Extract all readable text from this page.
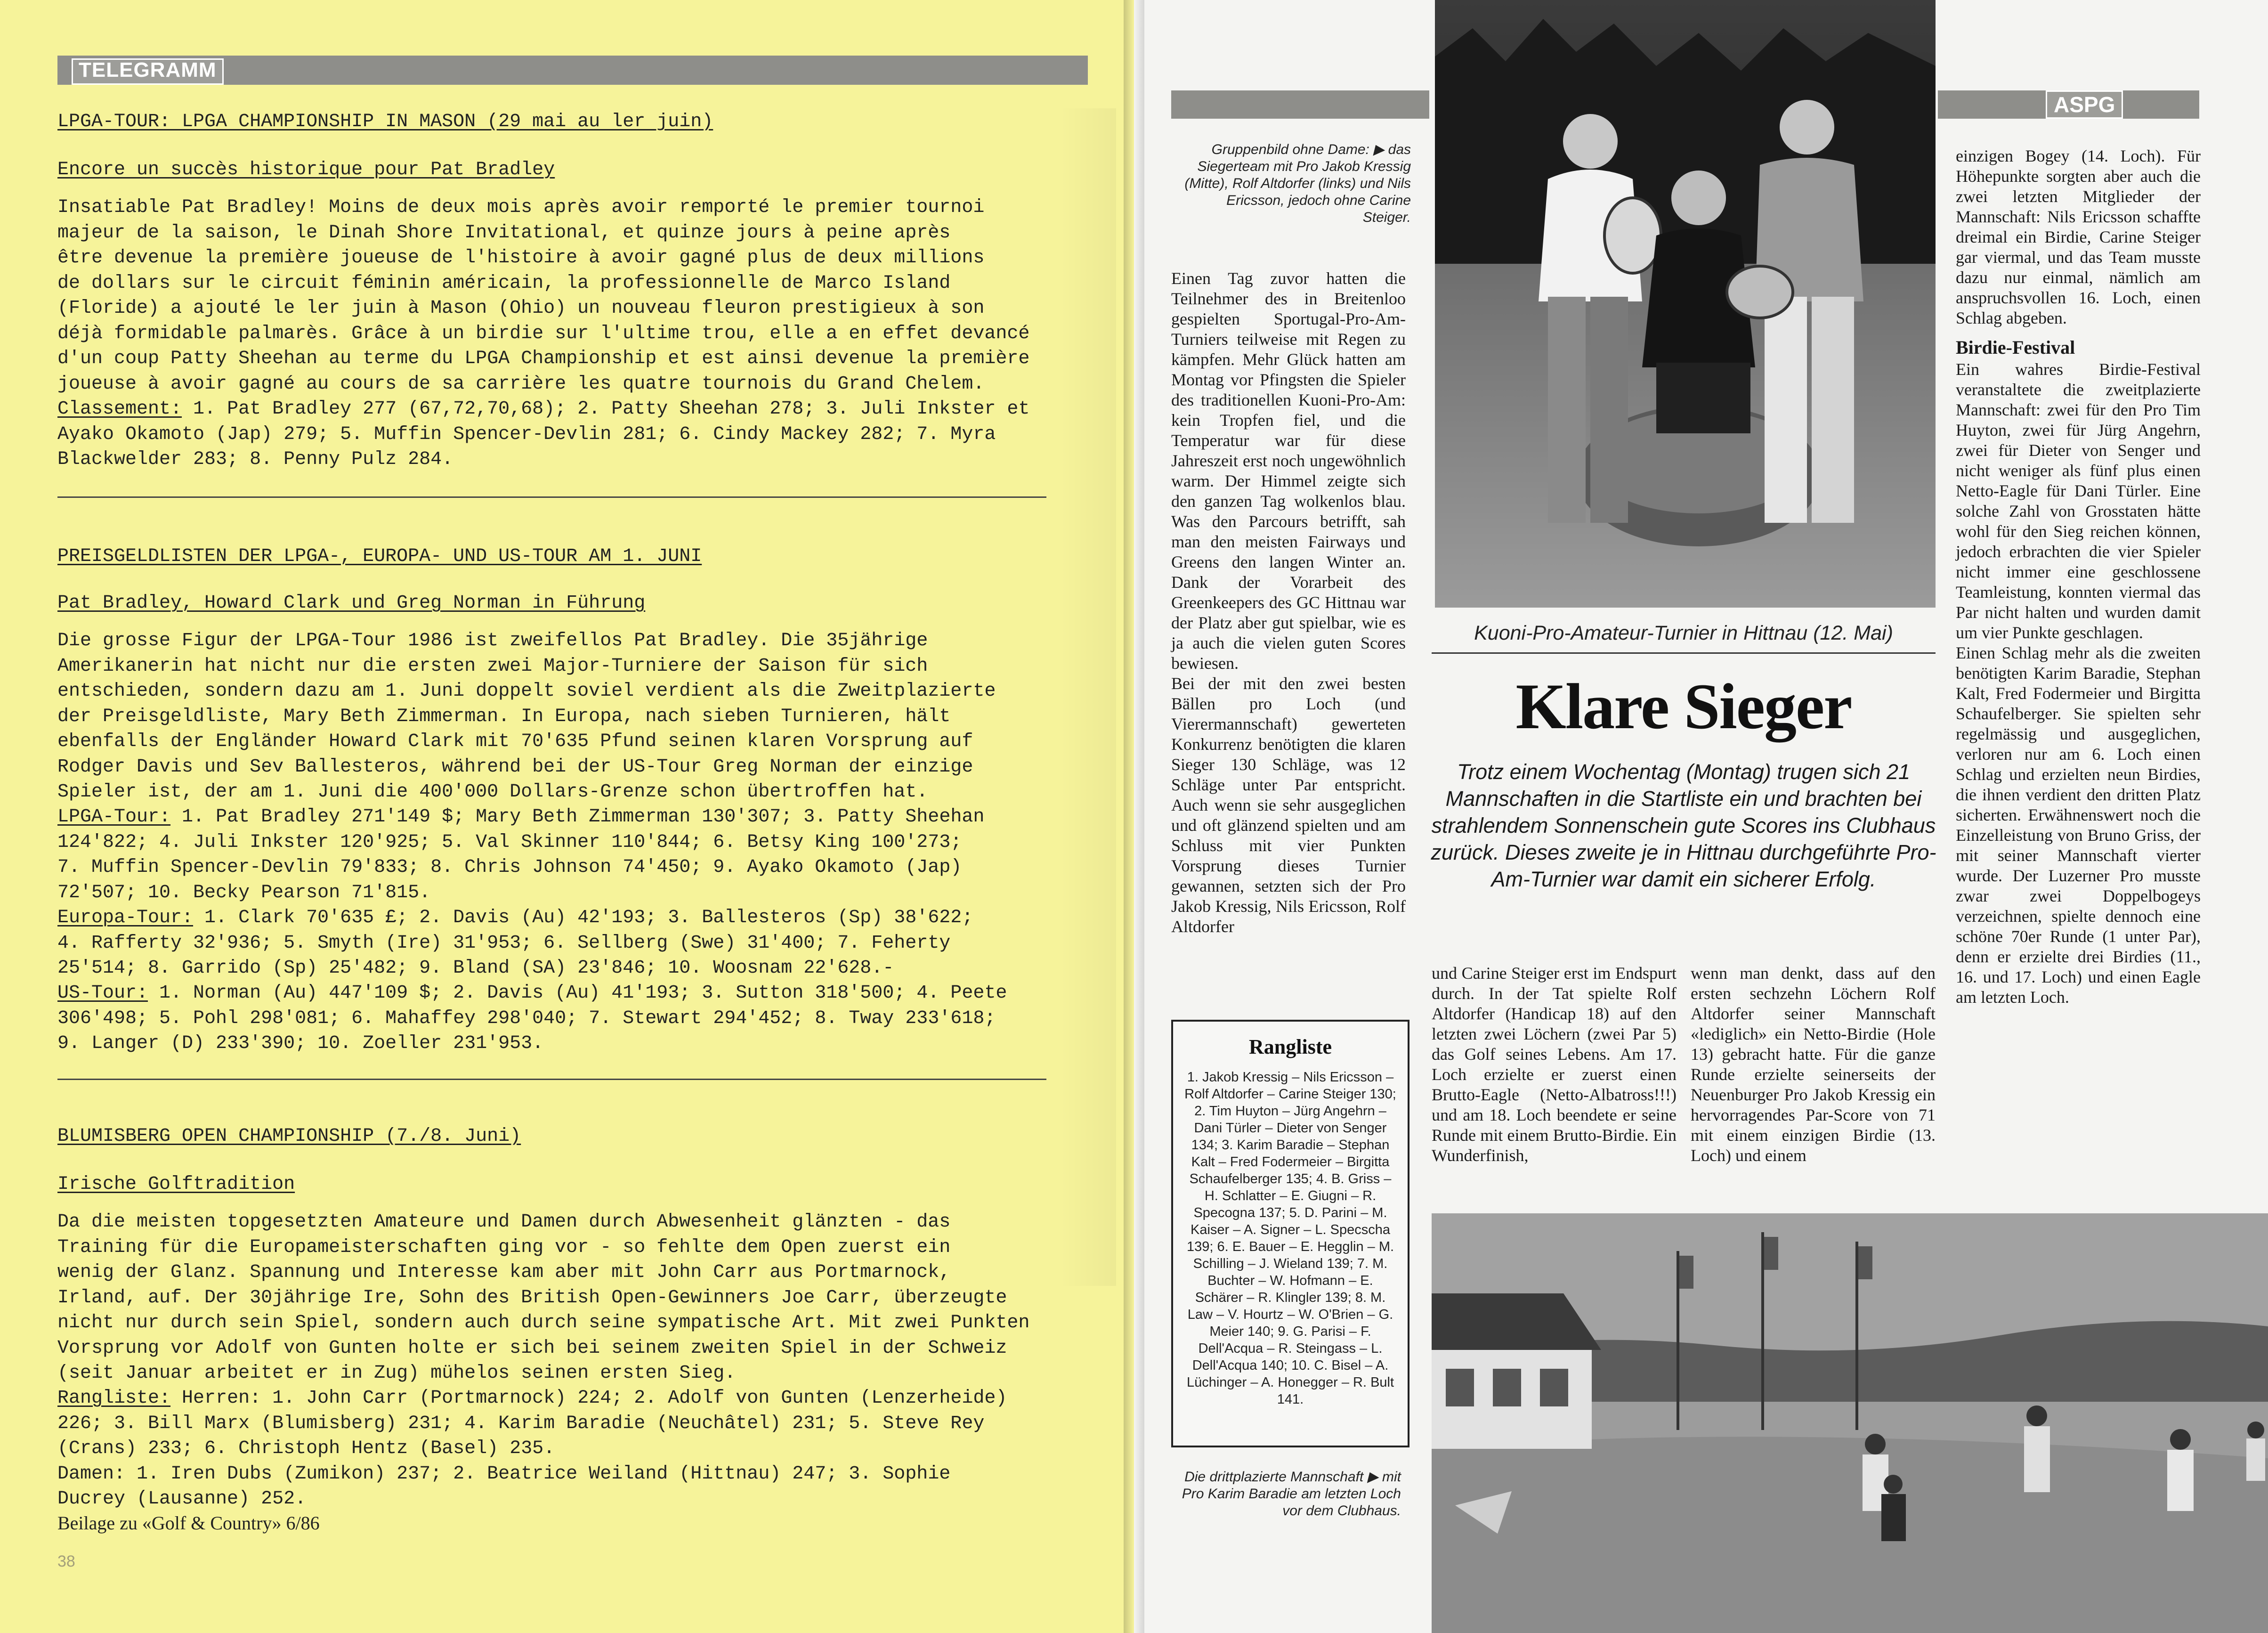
TELEGRAMM
LPGA-TOUR: LPGA CHAMPIONSHIP IN MASON (29 mai au ler juin)
Encore un succès historique pour Pat Bradley
Insatiable Pat Bradley! Moins de deux mois après avoir remporté le premier tournoi
majeur de la saison, le Dinah Shore Invitational, et quinze jours à peine après
être devenue la première joueuse de l'histoire à avoir gagné plus de deux millions
de dollars sur le circuit féminin américain, la professionnelle de Marco Island
(Floride) a ajouté le ler juin à Mason (Ohio) un nouveau fleuron prestigieux à son
déjà formidable palmarès. Grâce à un birdie sur l'ultime trou, elle a en effet devancé
d'un coup Patty Sheehan au terme du LPGA Championship et est ainsi devenue la première
joueuse à avoir gagné au cours de sa carrière les quatre tournois du Grand Chelem.
Classement: 1. Pat Bradley 277 (67,72,70,68); 2. Patty Sheehan 278; 3. Juli Inkster et
Ayako Okamoto (Jap) 279; 5. Muffin Spencer-Devlin 281; 6. Cindy Mackey 282; 7. Myra
Blackwelder 283; 8. Penny Pulz 284.
PREISGELDLISTEN DER LPGA-, EUROPA- UND US-TOUR AM 1. JUNI
Pat Bradley, Howard Clark und Greg Norman in Führung
Die grosse Figur der LPGA-Tour 1986 ist zweifellos Pat Bradley. Die 35jährige
Amerikanerin hat nicht nur die ersten zwei Major-Turniere der Saison für sich
entschieden, sondern dazu am 1. Juni doppelt soviel verdient als die Zweitplazierte
der Preisgeldliste, Mary Beth Zimmerman. In Europa, nach sieben Turnieren, hält
ebenfalls der Engländer Howard Clark mit 70'635 Pfund seinen klaren Vorsprung auf
Rodger Davis und Sev Ballesteros, während bei der US-Tour Greg Norman der einzige
Spieler ist, der am 1. Juni die 400'000 Dollars-Grenze schon übertroffen hat.
LPGA-Tour: 1. Pat Bradley 271'149 $; Mary Beth Zimmerman 130'307; 3. Patty Sheehan
124'822; 4. Juli Inkster 120'925; 5. Val Skinner 110'844; 6. Betsy King 100'273;
7. Muffin Spencer-Devlin 79'833; 8. Chris Johnson 74'450; 9. Ayako Okamoto (Jap)
72'507; 10. Becky Pearson 71'815.
Europa-Tour: 1. Clark 70'635 £; 2. Davis (Au) 42'193; 3. Ballesteros (Sp) 38'622;
4. Rafferty 32'936; 5. Smyth (Ire) 31'953; 6. Sellberg (Swe) 31'400; 7. Feherty
25'514; 8. Garrido (Sp) 25'482; 9. Bland (SA) 23'846; 10. Woosnam 22'628.-
US-Tour: 1. Norman (Au) 447'109 $; 2. Davis (Au) 41'193; 3. Sutton 318'500; 4. Peete
306'498; 5. Pohl 298'081; 6. Mahaffey 298'040; 7. Stewart 294'452; 8. Tway 233'618;
9. Langer (D) 233'390; 10. Zoeller 231'953.
BLUMISBERG OPEN CHAMPIONSHIP (7./8. Juni)
Irische Golftradition
Da die meisten topgesetzten Amateure und Damen durch Abwesenheit glänzten - das
Training für die Europameisterschaften ging vor - so fehlte dem Open zuerst ein
wenig der Glanz. Spannung und Interesse kam aber mit John Carr aus Portmarnock,
Irland, auf. Der 30jährige Ire, Sohn des British Open-Gewinners Joe Carr, überzeugte
nicht nur durch sein Spiel, sondern auch durch seine sympatische Art. Mit zwei Punkten
Vorsprung vor Adolf von Gunten holte er sich bei seinem zweiten Spiel in der Schweiz
(seit Januar arbeitet er in Zug) mühelos seinen ersten Sieg.
Rangliste: Herren: 1. John Carr (Portmarnock) 224; 2. Adolf von Gunten (Lenzerheide)
226; 3. Bill Marx (Blumisberg) 231; 4. Karim Baradie (Neuchâtel) 231; 5. Steve Rey
(Crans) 233; 6. Christoph Hentz (Basel) 235.
Damen: 1. Iren Dubs (Zumikon) 237; 2. Beatrice Weiland (Hittnau) 247; 3. Sophie
Ducrey (Lausanne) 252.
Beilage zu «Golf & Country» 6/86
38
ASPG
Gruppenbild ohne Dame: ▶ das Siegerteam mit Pro Jakob Kressig (Mitte), Rolf Altdorfer (links) und Nils Ericsson, jedoch ohne Carine Steiger.

Einen Tag zuvor hatten die Teilnehmer des in Breitenloo gespielten Sportugal-Pro-Am-Turniers teilweise mit Regen zu kämpfen. Mehr Glück hatten am Montag vor Pfingsten die Spieler des traditionellen Kuoni-Pro-Am: kein Tropfen fiel, und die Temperatur war für diese Jahreszeit erst noch ungewöhnlich warm. Der Himmel zeigte sich den ganzen Tag wolkenlos blau. Was den Parcours betrifft, sah man den meisten Fairways und Greens den langen Winter an. Dank der Vorarbeit des Greenkeepers des GC Hittnau war der Platz aber gut spielbar, wie es ja auch die vielen guten Scores bewiesen.

Bei der mit den zwei besten Bällen pro Loch (und Vierermannschaft) gewerteten Konkurrenz benötigten die klaren Sieger 130 Schläge, was 12 Schläge unter Par entspricht. Auch wenn sie sehr ausgeglichen und oft glänzend spielten und am Schluss mit vier Punkten Vorsprung dieses Turnier gewannen, setzten sich der Pro Jakob Kressig, Nils Ericsson, Rolf Altdorfer

Kuoni-Pro-Amateur-Turnier in Hittnau (12. Mai)
Klare Sieger
Trotz einem Wochentag (Montag) trugen sich 21 Mannschaften in die Startliste ein und brachten bei strahlendem Sonnenschein gute Scores ins Clubhaus zurück. Dieses zweite je in Hittnau durchgeführte Pro-Am-Turnier war damit ein sicherer Erfolg.
Rangliste
1. Jakob Kressig – Nils Ericsson – Rolf Altdorfer – Carine Steiger 130; 2. Tim Huyton – Jürg Angehrn – Dani Türler – Dieter von Senger 134; 3. Karim Baradie – Stephan Kalt – Fred Fodermeier – Birgitta Schaufelberger 135; 4. B. Griss – H. Schlatter – E. Giugni – R. Specogna 137; 5. D. Parini – M. Kaiser – A. Signer – L. Specscha 139; 6. E. Bauer – E. Hegglin – M. Schilling – J. Wieland 139; 7. M. Buchter – W. Hofmann – E. Schärer – R. Klingler 139; 8. M. Law – V. Hourtz – W. O'Brien – G. Meier 140; 9. G. Parisi – F. Dell'Acqua – R. Steingass – L. Dell'Acqua 140; 10. C. Bisel – A. Lüchinger – A. Honegger – R. Bult 141.

und Carine Steiger erst im Endspurt durch. In der Tat spielte Rolf Altdorfer (Handicap 18) auf den letzten zwei Löchern (zwei Par 5) das Golf seines Lebens. Am 17. Loch erzielte er zuerst einen Brutto-Eagle (Netto-Albatross!!!) und am 18. Loch beendete er seine Runde mit einem Brutto-Birdie. Ein Wunderfinish,

wenn man denkt, dass auf den ersten sechzehn Löchern Rolf Altdorfer seiner Mannschaft «lediglich» ein Netto-Birdie (Hole 13) gebracht hatte. Für die ganze Runde erzielte seinerseits der Neuenburger Pro Jakob Kressig ein hervorragendes Par-Score von 71 mit einem einzigen Birdie (13. Loch) und einem

einzigen Bogey (14. Loch). Für Höhepunkte sorgten aber auch die zwei letzten Mitglieder der Mannschaft: Nils Ericsson schaffte dreimal ein Birdie, Carine Steiger gar viermal, und das Team musste dazu nur einmal, nämlich am anspruchsvollen 16. Loch, einen Schlag abgeben.

Birdie-Festival

Ein wahres Birdie-Festival veranstaltete die zweitplazierte Mannschaft: zwei für den Pro Tim Huyton, zwei für Jürg Angehrn, zwei für Dieter von Senger und nicht weniger als fünf plus einen Netto-Eagle für Dani Türler. Eine solche Zahl von Grosstaten hätte wohl für den Sieg reichen können, jedoch erbrachten die vier Spieler nicht immer eine geschlossene Teamleistung, konnten viermal das Par nicht halten und wurden damit um vier Punkte geschlagen.

Einen Schlag mehr als die zweiten benötigten Karim Baradie, Stephan Kalt, Fred Fodermeier und Birgitta Schaufelberger. Sie spielten sehr regelmässig und ausgeglichen, verloren nur am 6. Loch einen Schlag und erzielten neun Birdies, die ihnen verdient den dritten Platz sicherten. Erwähnenswert noch die Einzelleistung von Bruno Griss, der mit seiner Mannschaft vierter wurde. Der Luzerner Pro musste zwar zwei Doppelbogeys verzeichnen, spielte dennoch eine schöne 70er Runde (1 unter Par), denn er erzielte drei Birdies (11., 16. und 17. Loch) und einen Eagle am letzten Loch.

Die drittplazierte Mannschaft ▶ mit Pro Karim Baradie am letzten Loch vor dem Clubhaus.
